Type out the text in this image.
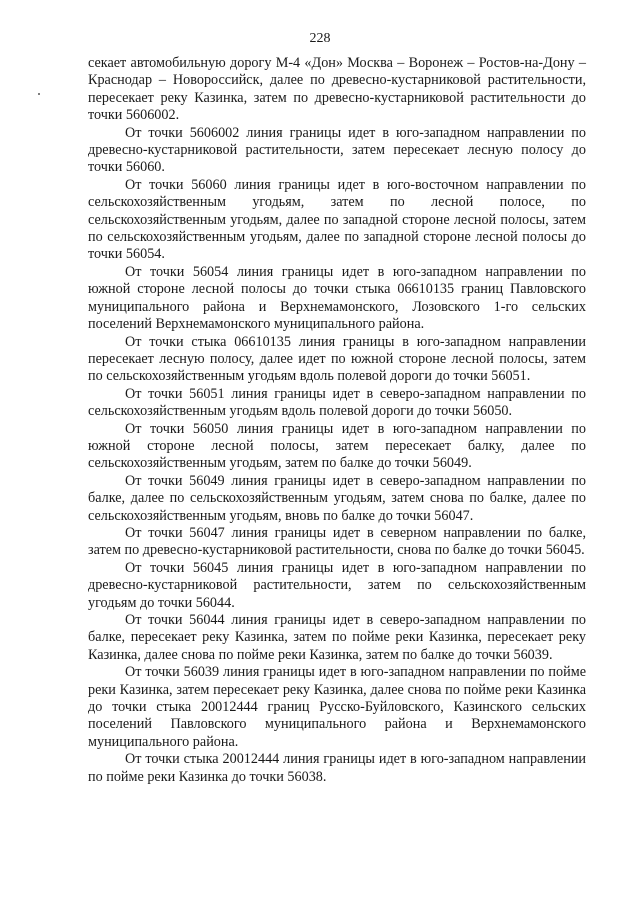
228

секает автомобильную дорогу М-4 «Дон» Москва – Воронеж – Ростов-на-Дону – Краснодар – Новороссийск, далее по древесно-кустарниковой растительности, пересекает реку Казинка, затем по древесно-кустарниковой растительности до точки 5606002.

От точки 5606002 линия границы идет в юго-западном направлении по древесно-кустарниковой растительности, затем пересекает лесную полосу до точки 56060.

От точки 56060 линия границы идет в юго-восточном направлении по сельскохозяйственным угодьям, затем по лесной полосе, по сельскохозяйственным угодьям, далее по западной стороне лесной полосы, затем по сельскохозяйственным угодьям, далее по западной стороне лесной полосы до точки 56054.

От точки 56054 линия границы идет в юго-западном направлении по южной стороне лесной полосы до точки стыка 06610135 границ Павловского муниципального района и Верхнемамонского, Лозовского 1-го сельских поселений Верхнемамонского муниципального района.

От точки стыка 06610135 линия границы в юго-западном направлении пересекает лесную полосу, далее идет по южной стороне лесной полосы, затем по сельскохозяйственным угодьям вдоль полевой дороги до точки 56051.

От точки 56051 линия границы идет в северо-западном направлении по сельскохозяйственным угодьям вдоль полевой дороги до точки 56050.

От точки 56050 линия границы идет в юго-западном направлении по южной стороне лесной полосы, затем пересекает балку, далее по сельскохозяйственным угодьям, затем по балке до точки 56049.

От точки 56049 линия границы идет в северо-западном направлении по балке, далее по сельскохозяйственным угодьям, затем снова по балке, далее по сельскохозяйственным угодьям, вновь по балке до точки 56047.

От точки 56047 линия границы идет в северном направлении по балке, затем по древесно-кустарниковой растительности, снова по балке до точки 56045.

От точки 56045 линия границы идет в юго-западном направлении по древесно-кустарниковой растительности, затем по сельскохозяйственным угодьям до точки 56044.

От точки 56044 линия границы идет в северо-западном направлении по балке, пересекает реку Казинка, затем по пойме реки Казинка, пересекает реку Казинка, далее снова по пойме реки Казинка, затем по балке до точки 56039.

От точки 56039 линия границы идет в юго-западном направлении по пойме реки Казинка, затем пересекает реку Казинка, далее снова по пойме реки Казинка до точки стыка 20012444 границ Русско-Буйловского, Казинского сельских поселений Павловского муниципального района и Верхнемамонского муниципального района.

От точки стыка 20012444 линия границы идет в юго-западном направлении по пойме реки Казинка до точки 56038.
